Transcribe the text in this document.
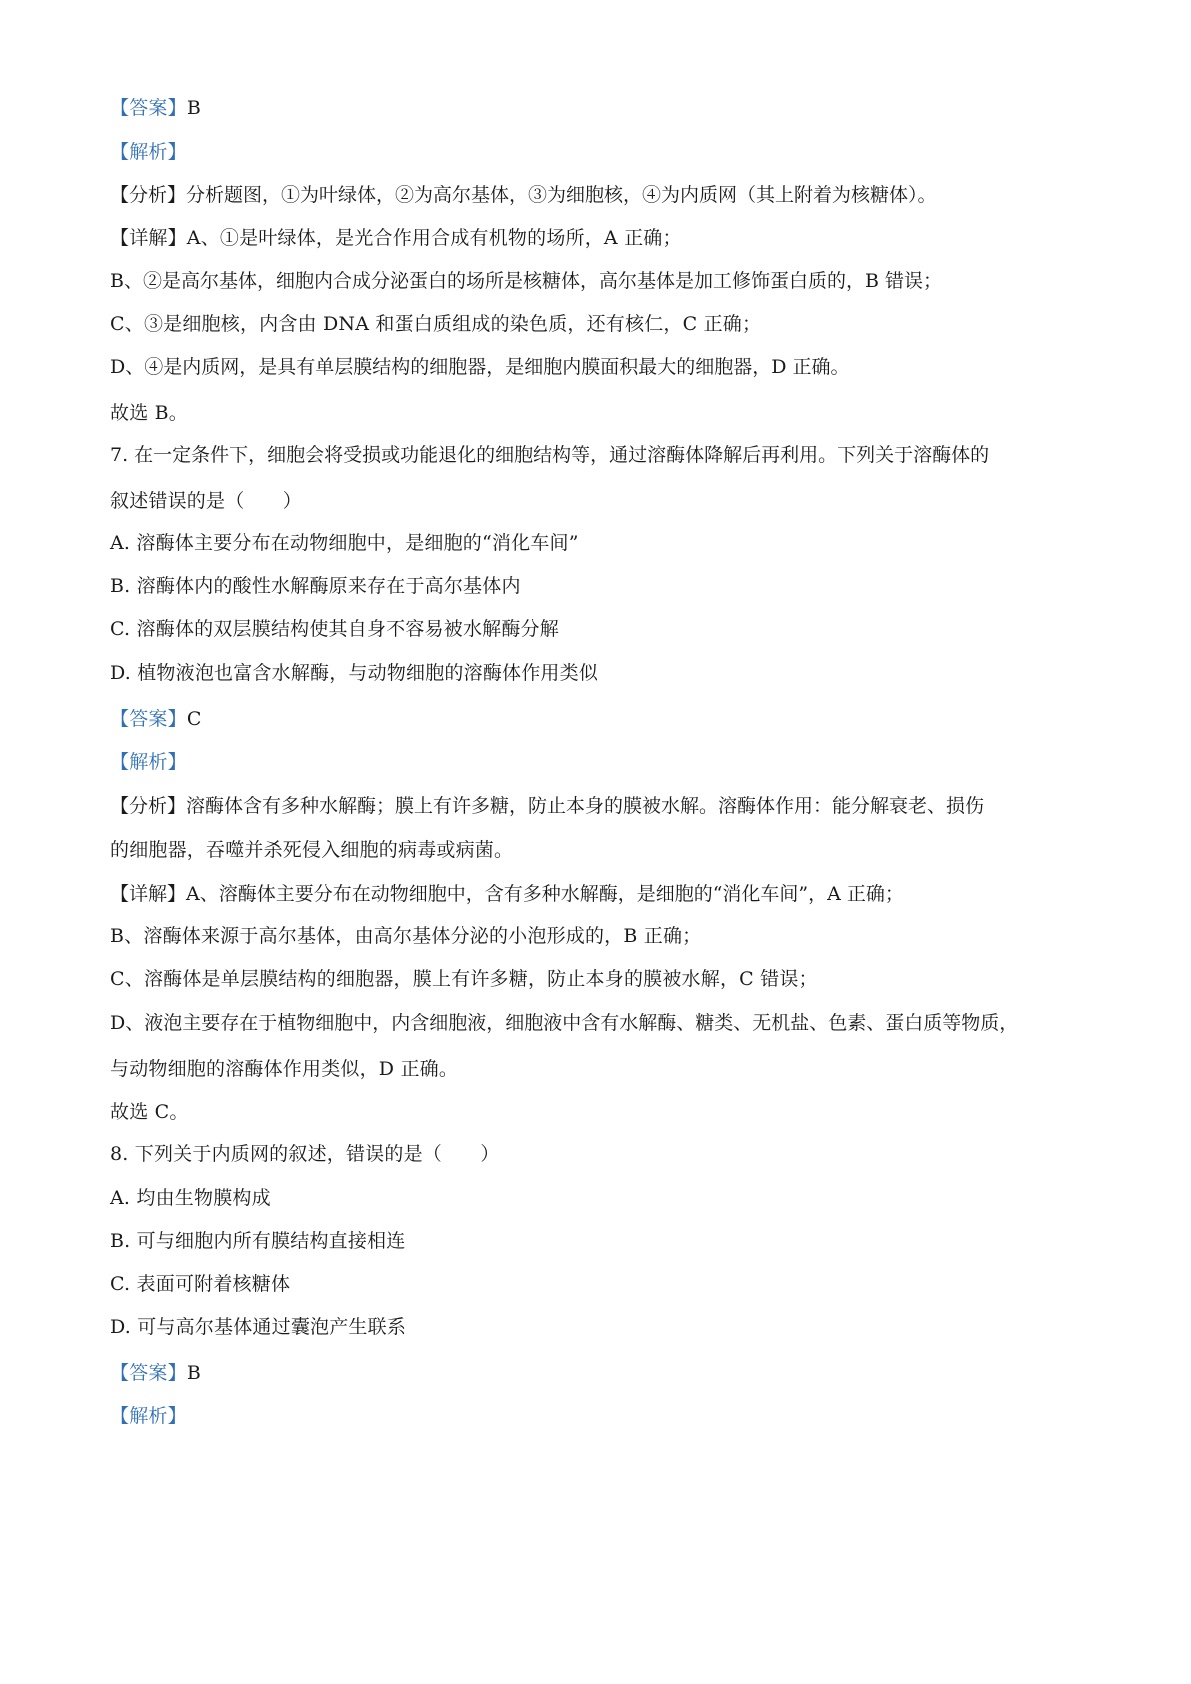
【答案】B
【解析】
【分析】分析题图，①为叶绿体，②为高尔基体，③为细胞核，④为内质网（其上附着为核糖体）。
【详解】A、①是叶绿体，是光合作用合成有机物的场所，A 正确；
B、②是高尔基体，细胞内合成分泌蛋白的场所是核糖体，高尔基体是加工修饰蛋白质的，B 错误；
C、③是细胞核，内含由 DNA 和蛋白质组成的染色质，还有核仁，C 正确；
D、④是内质网，是具有单层膜结构的细胞器，是细胞内膜面积最大的细胞器，D 正确。
故选 B。
7. 在一定条件下，细胞会将受损或功能退化的细胞结构等，通过溶酶体降解后再利用。下列关于溶酶体的
叙述错误的是（　　）
A. 溶酶体主要分布在动物细胞中，是细胞的“消化车间”
B. 溶酶体内的酸性水解酶原来存在于高尔基体内
C. 溶酶体的双层膜结构使其自身不容易被水解酶分解
D. 植物液泡也富含水解酶，与动物细胞的溶酶体作用类似
【答案】C
【解析】
【分析】溶酶体含有多种水解酶；膜上有许多糖，防止本身的膜被水解。溶酶体作用：能分解衰老、损伤
的细胞器，吞噬并杀死侵入细胞的病毒或病菌。
【详解】A、溶酶体主要分布在动物细胞中，含有多种水解酶，是细胞的“消化车间”，A 正确；
B、溶酶体来源于高尔基体，由高尔基体分泌的小泡形成的，B 正确；
C、溶酶体是单层膜结构的细胞器，膜上有许多糖，防止本身的膜被水解，C 错误；
D、液泡主要存在于植物细胞中，内含细胞液，细胞液中含有水解酶、糖类、无机盐、色素、蛋白质等物质，
与动物细胞的溶酶体作用类似，D 正确。
故选 C。
8. 下列关于内质网的叙述，错误的是（　　）
A. 均由生物膜构成
B. 可与细胞内所有膜结构直接相连
C. 表面可附着核糖体
D. 可与高尔基体通过囊泡产生联系
【答案】B
【解析】
